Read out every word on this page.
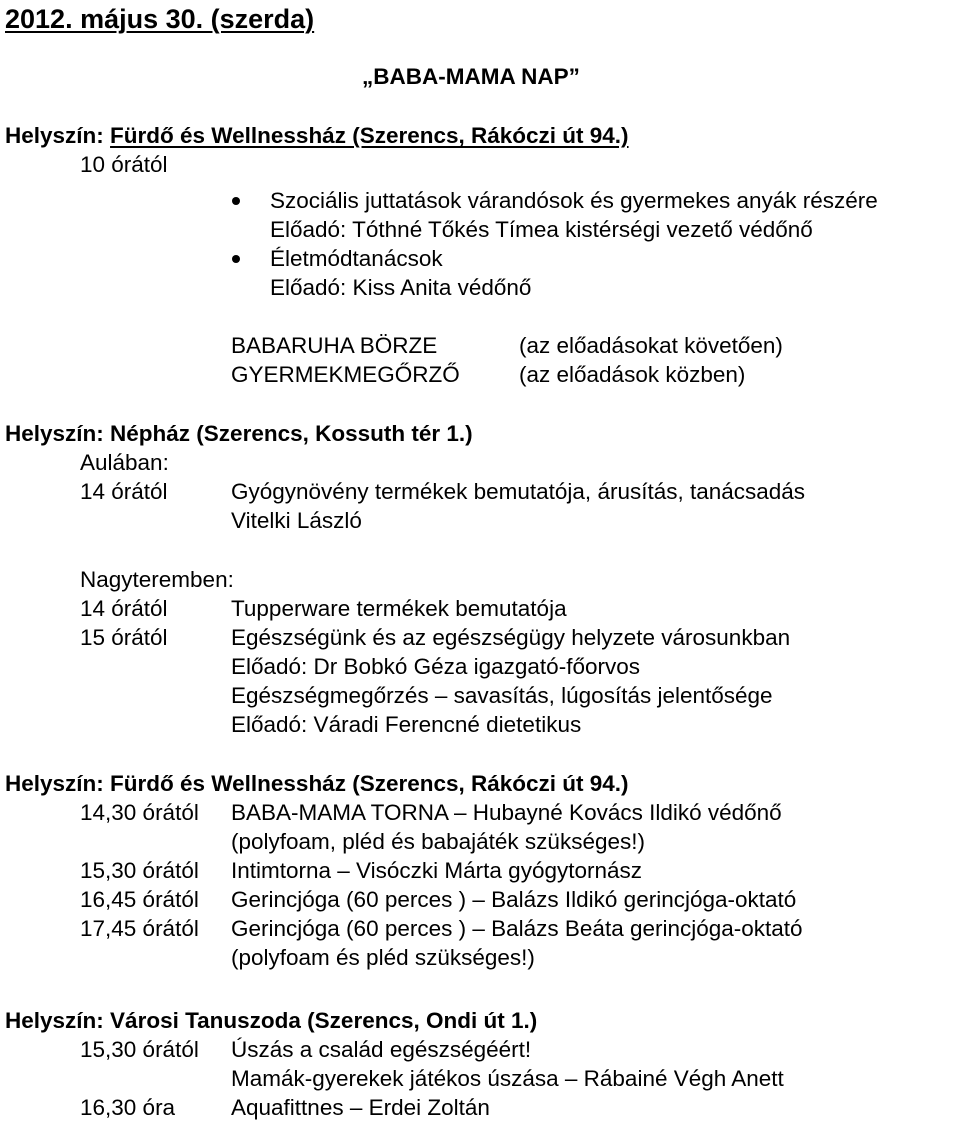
2012. május 30. (szerda)
„BABA-MAMA NAP”
Helyszín: Fürdő és Wellnessház (Szerencs, Rákóczi út 94.)
10 órától
Szociális juttatások várandósok és gyermekes anyák részére
Előadó: Tóthné Tőkés Tímea kistérségi vezető védőnő
Életmódtanácsok
Előadó: Kiss Anita védőnő
BABARUHA BÖRZE	(az előadásokat követően)
GYERMEKMEGŐRZŐ	(az előadások közben)
Helyszín: Népház (Szerencs, Kossuth tér 1.)
Aulában:
14 órától	Gyógynövény termékek bemutatója, árusítás, tanácsadás
Vitelki László
Nagyteremben:
14 órától	Tupperware termékek bemutatója
15 órától	Egészségünk és az egészségügy helyzete városunkban
Előadó: Dr Bobkó Géza igazgató-főorvos
Egészségmegőrzés – savasítás, lúgosítás jelentősége
Előadó: Váradi Ferencné dietetikus
Helyszín: Fürdő és Wellnessház (Szerencs, Rákóczi út 94.)
14,30 órától BABA-MAMA TORNA – Hubayné Kovács Ildikó védőnő
(polyfoam, pléd és babajáték szükséges!)
15,30 órától Intimtorna – Visóczki Márta gyógytornász
16,45 órától Gerincjóga (60 perces ) – Balázs Ildikó gerincjóga-oktató
17,45 órától Gerincjóga (60 perces ) – Balázs Beáta gerincjóga-oktató
(polyfoam és pléd szükséges!)
Helyszín: Városi Tanuszoda (Szerencs, Ondi út 1.)
15,30 órától Úszás a család egészségéért!
Mamák-gyerekek játékos úszása – Rábainé Végh Anett
16,30 óra Aquafittnes – Erdei Zoltán
